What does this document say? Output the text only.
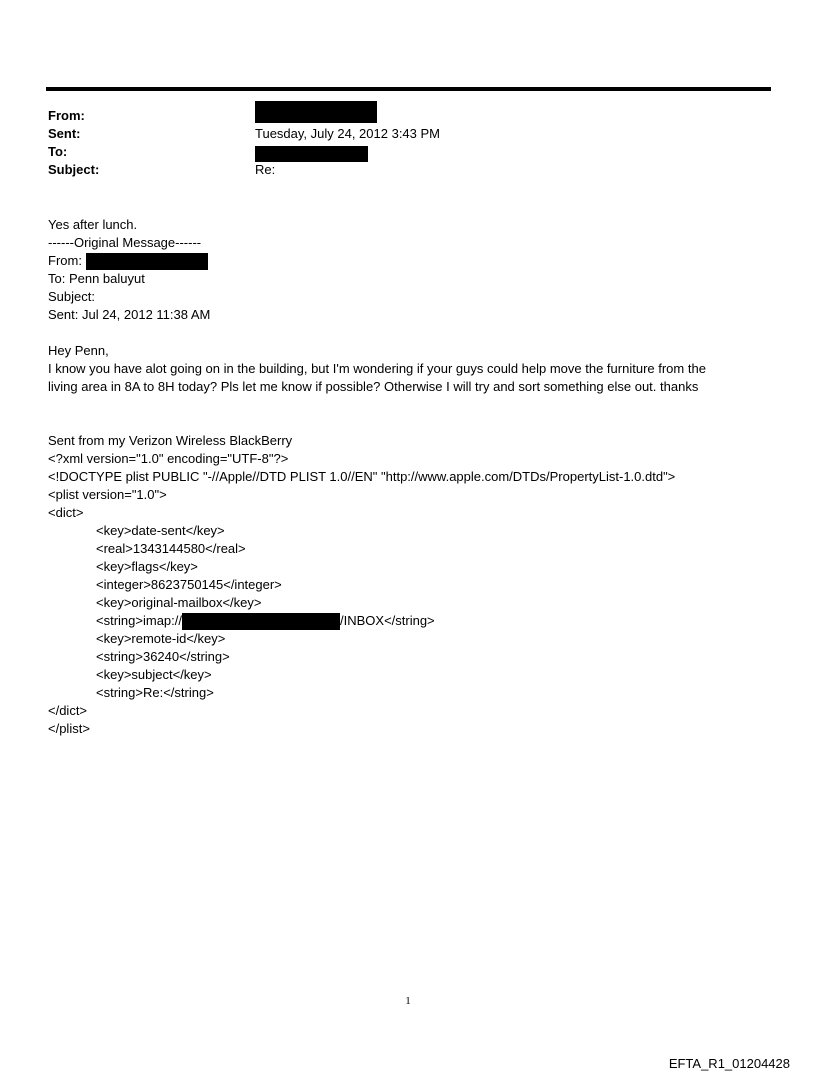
From:
Sent:	Tuesday, July 24, 2012 3:43 PM
To:
Subject:	Re:
Yes after lunch.
------Original Message------
From:
To: Penn baluyut
Subject:
Sent: Jul 24, 2012 11:38 AM
Hey Penn,
I know you have alot going on in the building, but I'm wondering if your guys could help move the furniture from the
living area in 8A to 8H today? Pls let me know if possible? Otherwise I will try and sort something else out. thanks
Sent from my Verizon Wireless BlackBerry
<?xml version="1.0" encoding="UTF-8"?>
<!DOCTYPE plist PUBLIC "-//Apple//DTD PLIST 1.0//EN" "http://www.apple.com/DTDs/PropertyList-1.0.dtd">
<plist version="1.0">
<dict>
<key>date-sent</key>
<real>1343144580</real>
<key>flags</key>
<integer>8623750145</integer>
<key>original-mailbox</key>
<string>imap://	/INBOX</string>
<key>remote-id</key>
<string>36240</string>
<key>subject</key>
<string>Re:</string>
</dict>
</plist>
1
EFTA_R1_01204428
